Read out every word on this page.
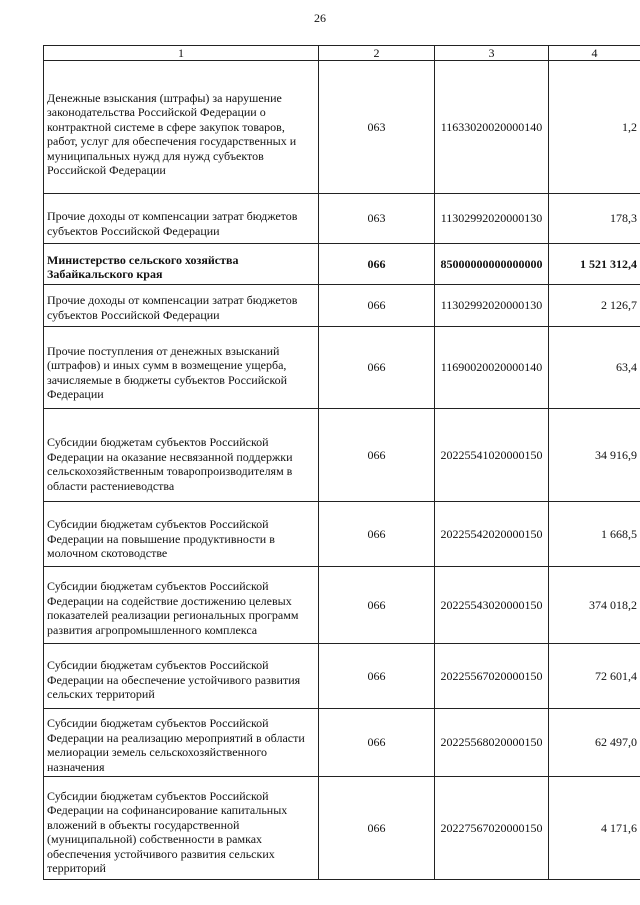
26
1	2	3	4

Денежные взыскания (штрафы) за нарушение законодательства Российской Федерации о контрактной системе в сфере закупок товаров, работ, услуг для обеспечения государственных и муниципальных нужд для нужд субъектов Российской Федерации	063	11633020020000140	1,2

Прочие доходы от компенсации затрат бюджетов субъектов Российской Федерации	063	11302992020000130	178,3

Министерство сельского хозяйства Забайкальского края	066	85000000000000000	1 521 312,4

Прочие доходы от компенсации затрат бюджетов субъектов Российской Федерации	066	11302992020000130	2 126,7

Прочие поступления от денежных взысканий (штрафов) и иных сумм в возмещение ущерба, зачисляемые в бюджеты субъектов Российской Федерации	066	11690020020000140	63,4

Субсидии бюджетам субъектов Российской Федерации на оказание несвязанной поддержки сельскохозяйственным товаропроизводителям в области растениеводства	066	20225541020000150	34 916,9

Субсидии бюджетам субъектов Российской Федерации на повышение продуктивности в молочном скотоводстве	066	20225542020000150	1 668,5

Субсидии бюджетам субъектов Российской Федерации на содействие достижению целевых показателей реализации региональных программ развития агропромышленного комплекса	066	20225543020000150	374 018,2

Субсидии бюджетам субъектов Российской Федерации на обеспечение устойчивого развития сельских территорий	066	20225567020000150	72 601,4

Субсидии бюджетам субъектов Российской Федерации на реализацию мероприятий в области мелиорации земель сельскохозяйственного назначения	066	20225568020000150	62 497,0

Субсидии бюджетам субъектов Российской Федерации на софинансирование капитальных вложений в объекты государственной (муниципальной) собственности в рамках обеспечения устойчивого развития сельских территорий	066	20227567020000150	4 171,6
